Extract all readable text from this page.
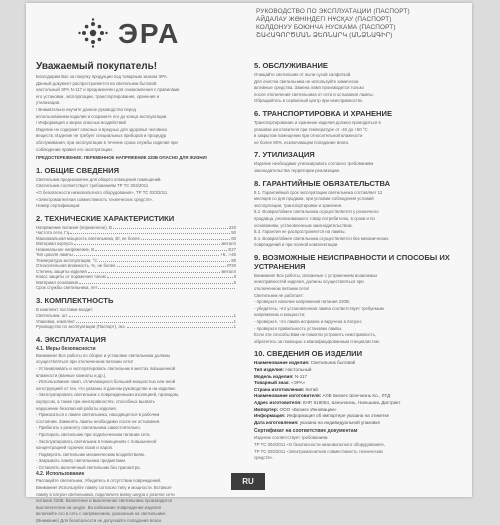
ЭРА
РУКОВОДСТВО ПО ЭКСПЛУАТАЦИИ (ПАСПОРТ)
АЙДАЛАУ ЖӨНІНДЕГІ НҰСҚАУ (ПАСПОРТ)
КОЛДОНУУ БОЮНЧА НУСКАМА (ПАСПОРТ)
ՇԱՀԱԳՈՐԾՄԱՆ ՁԵՌՆԱՐԿ (ԱՆՁՆԱԳԻՐ)
Уважаемый покупатель!
Благодарим Вас за покупку продукции под товарным знаком ЭРА.
Данный документ распространяется на светильник бытовой
настольный ЭРА N-117 и предназначен для ознакомления с правилами
его установки, эксплуатации, транспортирования, хранения и
утилизации.
! Внимательно изучите данное руководство перед
использованием изделия и сохраните его до конца эксплуатации.
! Информация о мерах опасных воздействий
Изделие не содержит опасных и вредных для здоровья человека
веществ. Изделие не требует специальных приборов и процедур
обслуживания, при эксплуатации в течение срока службы изделия при
соблюдении правил его эксплуатации.
ПРЕДОСТЕРЕЖЕНИЕ: ПЕРЕМЕННОЕ НАПРЯЖЕНИЕ 220В ОПАСНО ДЛЯ ЖИЗНИ!
1. ОБЩИЕ СВЕДЕНИЯ
Светильник предназначен для общего освещения помещений.
Светильник соответствует требованиям ТР ТС 004/2011
«О безопасности низковольтного оборудования», ТР ТС 020/2011
«Электромагнитная совместимость технических средств».
Номер сертификации:
2. ТЕХНИЧЕСКИЕ ХАРАКТЕРИСТИКИ
Напряжение питания (переменное), В	220
Частота сети, Гц	50
Максимальная мощность светильника, Вт, не более	60
Материал корпуса	металл
Номинальное напряжение, В	Е27
Тип цоколя лампы	+5...+40
Температура эксплуатации, °С	80
Относительная влажность, %, не более	IP20
Степень защиты изделия	металл
Класс защиты от поражения током	II
Материал основания	5
Срок службы светильника, лет
3. КОМПЛЕКТНОСТЬ
В комплект поставки входит:
Светильник, шт.	1
Упаковка, комплект	1
Руководство по эксплуатации (Паспорт), экз.	1
4. ЭКСПЛУАТАЦИЯ
4.1. Меры безопасности
Внимание! Все работы по сборке и установке светильника должны
осуществляться при отключенном питании сети!
- Устанавливать и эксплуатировать светильник в местах повышенной
влажности (ванные комнаты и др.).
- Использование ламп, отличающихся большей мощностью или иной
конструкцией от тех, что указаны в данном руководстве и на изделии.
- Эксплуатировать светильник с поврежденными изоляцией, проводом,
корпусом, а также при неисправностях, способных вызвать
нарушение безопасной работы изделия.
- Прикасаться к лампе светильника, находящегося в рабочем
состоянии. Заменять лампы необходимо после их остывания.
- Прибегать к ремонту светильника самостоятельно.
- Протирать светильник при подключенном питании сети.
- Эксплуатировать светильник в помещениях с повышенной
концентрацией горючих газов и паров.
- Подвергать светильник механическим воздействиям.
- Закрывать лампу светильника предметами.
- Оставлять включённый светильник без присмотра.
4.2. Использование
Распакуйте светильник. Убедитесь в отсутствии повреждений.
Внимание! Используйте лампу согласно типу и мощности. Вставьте
лампу в патрон светильника, подключите вилку шнура к розетке сети
питания 220В. Включение и выключение светильника производится
выключателем на шнуре. Во избежание повреждения изделия
включайте его в сеть с напряжением, указанным на светильнике.
(Внимание) Для безопасности не допускайте попадания влаги.
5. ОБСЛУЖИВАНИЕ
Очищайте светильник от пыли сухой салфеткой.
Для очистки светильника не используйте химически
активные средства. Замена ламп производится только
после отключения светильника от сети и остывания лампы.
Обращайтесь в сервисный центр при неисправностях.
6. ТРАНСПОРТИРОВКА И ХРАНЕНИЕ
Транспортирование и хранение изделия должно проводиться в
упаковке изготовителя при температуре от -40 до +50 °С
в закрытом помещении при относительной влажности
не более 80%, исключающем попадание влаги.
7. УТИЛИЗАЦИЯ
Изделие необходимо утилизировать согласно требованиям
законодательства территории реализации.
8. ГАРАНТИЙНЫЕ ОБЯЗАТЕЛЬСТВА
8.1. Гарантийный срок эксплуатации светильника составляет 12
месяцев со дня продажи, при условии соблюдения условий
эксплуатации, транспортировки и хранения.
8.2. Возврат/обмен светильника осуществляется у розничного
продавца, реализовавшего товар потребителю, в сроки и по
основаниям, установленным законодательством.
8.3. Гарантия не распространяется на лампы.
8.4. Возврат/обмен светильника осуществляется без механических
повреждений и при полной комплектации.
9. ВОЗМОЖНЫЕ НЕИСПРАВНОСТИ И СПОСОБЫ ИХ УСТРАНЕНИЯ
Внимание! Все работы, связанные с устранением возможных
неисправностей изделия, должны осуществляться при
отключенном питании сети!
Светильник не работает:
- проверьте наличие напряжения питания 220В;
- убедитесь, что установленная лампа соответствует требуемым
напряжению и мощности;
- проверьте, что лампа исправна и вкручена в патрон;
- проверьте правильность установки лампы.
Если эти способы Вам не помогли устранить неисправность,
обратитесь за помощью к квалифицированным специалистам.
10. СВЕДЕНИЯ ОБ ИЗДЕЛИИ
Наименование изделия: Светильник бытовой
Тип изделия: Настольный
Модель изделия: N-117
Товарный знак: «ЭРА»
Страна изготовления: Китай
Наименование изготовителя: АЛБ Бизнес Шэнчжэнь Ко., ЛТД
Адрес изготовителя: КНР, 518054, Шэньчжэнь, Наньшань Дистрикт
Импортер: ООО «Бизнес Инновации»
Информация: Информация об импортере указана на этикетке
Дата изготовления: указана на индивидуальной упаковке
Сертификат на соответствие документам
Изделие соответствует требованиям
ТР ТС 004/2011 «О безопасности низковольтного оборудования»,
ТР ТС 020/2011 «Электромагнитная совместимость технических
средств».
RU
